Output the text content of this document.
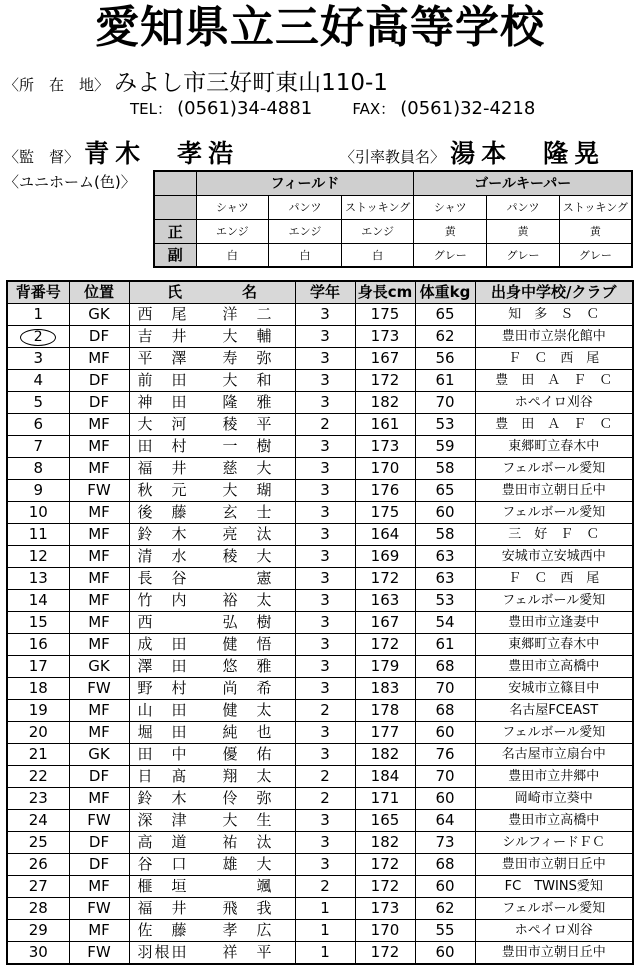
愛知県立三好高等学校
〈所　在　地〉 みよし市三好町東山110-1
TEL： (0561)34-4881	FAX： (0561)32-4218
〈監　督〉 青木　孝浩	〈引率教員名〉 湯本　隆晃
〈ユニホーム(色)〉
		フィールド			ゴールキーパー		
	シャツ	パンツ	ストッキング	シャツ	パンツ	ストッキング
正	エンジ	エンジ	エンジ	黄	黄	黄
副	白	白	白	グレー	グレー	グレー
背番号	位置	氏　　　　名	学年	身長cm	体重kg	出身中学校/クラブ
1	GK	西　尾　　洋　二	3	175	65	知　多　Ｓ　Ｃ
2	DF	吉　井　　大　輔	3	173	62	豊田市立崇化館中
3	MF	平　澤　　寿　弥	3	167	56	Ｆ　Ｃ　西　尾
4	DF	前　田　　大　和	3	172	61	豊　田　Ａ　Ｆ　Ｃ
5	DF	神　田　　隆　雅	3	182	70	ホペイロ刈谷
6	MF	大　河　　稜　平	2	161	53	豊　田　Ａ　Ｆ　Ｃ
7	MF	田　村　　一　樹	3	173	59	東郷町立春木中
8	MF	福　井　　慈　大	3	170	58	フェルボール愛知
9	FW	秋　元　　大　瑚	3	176	65	豊田市立朝日丘中
10	MF	後　藤　　玄　士	3	175	60	フェルボール愛知
11	MF	鈴　木　　亮　汰	3	164	58	三　好　Ｆ　Ｃ
12	MF	清　水　　稜　大	3	169	63	安城市立安城西中
13	MF	長　谷　　　　憲	3	172	63	Ｆ　Ｃ　西　尾
14	MF	竹　内　　裕　太	3	163	53	フェルボール愛知
15	MF	西　　　　弘　樹	3	167	54	豊田市立逢妻中
16	MF	成　田　　健　悟	3	172	61	東郷町立春木中
17	GK	澤　田　　悠　雅	3	179	68	豊田市立高橋中
18	FW	野　村　　尚　希	3	183	70	安城市立篠目中
19	MF	山　田　　健　太	2	178	68	名古屋FCEAST
20	MF	堀　田　　純　也	3	177	60	フェルボール愛知
21	GK	田　中　　優　佑	3	182	76	名古屋市立扇台中
22	DF	日　髙　　翔　太	2	184	70	豊田市立井郷中
23	MF	鈴　木　　伶　弥	2	171	60	岡崎市立葵中
24	FW	深　津　　大　生	3	165	64	豊田市立高橋中
25	DF	高　道　　祐　汰	3	182	73	シルフィードＦＣ
26	DF	谷　口　　雄　大	3	172	68	豊田市立朝日丘中
27	MF	榧　垣　　　　颯	2	172	60	FC　TWINS愛知
28	FW	福　井　　飛　我	1	173	62	フェルボール愛知
29	MF	佐　藤　　孝　広	1	170	55	ホペイロ刈谷
30	FW	羽根田　　祥　平	1	172	60	豊田市立朝日丘中
